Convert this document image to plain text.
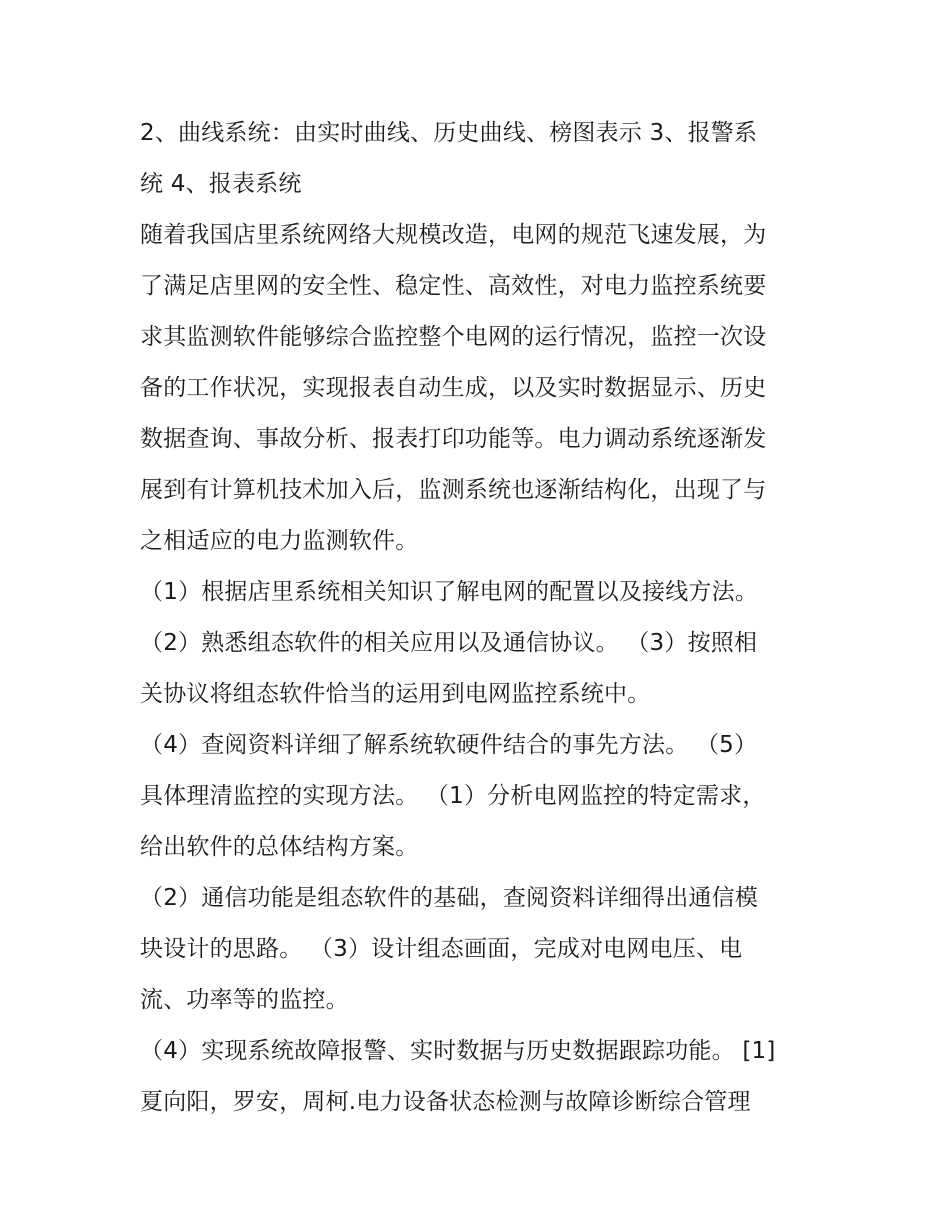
2、曲线系统：由实时曲线、历史曲线、榜图表示 3、报警系
统 4、报表系统
随着我国店里系统网络大规模改造，电网的规范飞速发展，为
了满足店里网的安全性、稳定性、高效性，对电力监控系统要
求其监测软件能够综合监控整个电网的运行情况，监控一次设
备的工作状况，实现报表自动生成，以及实时数据显示、历史
数据查询、事故分析、报表打印功能等。电力调动系统逐渐发
展到有计算机技术加入后，监测系统也逐渐结构化，出现了与
之相适应的电力监测软件。
（1）根据店里系统相关知识了解电网的配置以及接线方法。
（2）熟悉组态软件的相关应用以及通信协议。 （3）按照相
关协议将组态软件恰当的运用到电网监控系统中。
（4）查阅资料详细了解系统软硬件结合的事先方法。 （5）
具体理清监控的实现方法。 （1）分析电网监控的特定需求，
给出软件的总体结构方案。
（2）通信功能是组态软件的基础，查阅资料详细得出通信模
块设计的思路。 （3）设计组态画面，完成对电网电压、电
流、功率等的监控。
（4）实现系统故障报警、实时数据与历史数据跟踪功能。 [1]
夏向阳，罗安，周柯.电力设备状态检测与故障诊断综合管理
